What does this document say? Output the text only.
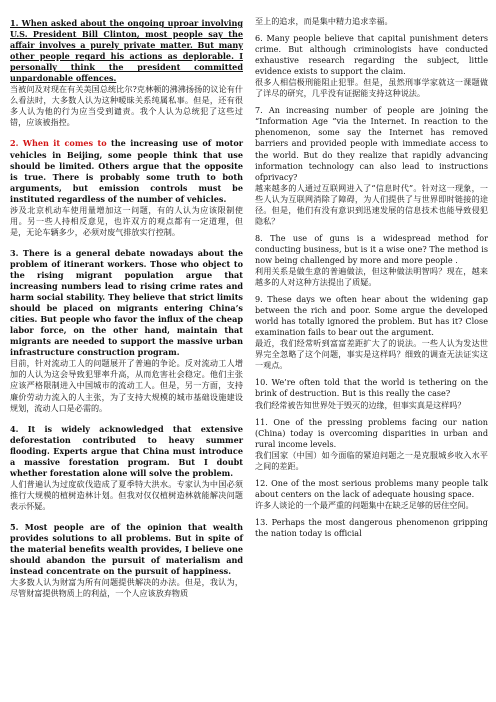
1. When asked about the ongoing uproar involving U.S. President Bill Clinton, most people say the affair involves a purely private matter. But many other people regard his actions as deplorable. I personally think the president committed unpardonable offences.
当被问及对现在有关美国总统比尔?克林顿的沸沸扬扬的议论有什么看法时，大多数人认为这种暧昧关系纯属私事。但是，还有很多人认为他的行为应当受到谴责。我个人认为总统犯了这些过错，应该被指控。
2. When it comes to the increasing use of motor vehicles in Beijing, some people think that use should be limited. Others argue that the opposite is true. There is probably some truth to both arguments, but emission controls must be instituted regardless of the number of vehicles.
涉及北京机动车使用量增加这一问题，有的人认为应该限制使用。另一些人持相反意见，也许双方的观点都有一定道理，但是，无论车辆多少，必须对废气排放实行控制。
3. There is a general debate nowadays about the problem of itinerant workers. Those who object to the rising migrant population argue that increasing numbers lead to rising crime rates and harm social stability. They believe that strict limits should be placed on migrants entering China’s cities. But people who favor the influx of the cheap labor force, on the other hand, maintain that migrants are needed to support the massive urban infrastructure construction program.
目前，针对流动工人的问题展开了普遍的争论。反对流动工人增加的人认为这会导致犯罪率升高，从而危害社会稳定。他们主张应该严格限制进入中国城市的流动工人。但是，另一方面，支持廉价劳动力流入的人主张，为了支持大规模的城市基础设施建设规划，流动人口是必需的。
4. It is widely acknowledged that extensive deforestation contributed to heavy summer flooding. Experts argue that China must introduce a massive forestation program. But I doubt whether forestation alone will solve the problem.
人们普遍认为过度砍伐造成了夏季特大洪水。专家认为中国必须推行大规模的植树造林计划。但我对仅仅植树造林就能解决问题表示怀疑。
5. Most people are of the opinion that wealth provides solutions to all problems. But in spite of the material benefits wealth provides, I believe one should abandon the pursuit of materialism and instead concentrate on the pursuit of happiness.
大多数人认为财富为所有问题提供解决的办法。但是，我认为，尽管财富提供物质上的利益，一个人应该放弃物质
至上的追求，而是集中精力追求幸福。
6. Many people believe that capital punishment deters crime. But although criminologists have conducted exhaustive research regarding the subject, little evidence exists to support the claim.
很多人相信极刑能阻止犯罪。但是，虽然刑事学家就这一课题做了详尽的研究，几乎没有证据能支持这种说法。
7. An increasing number of people are joining the “Information Age ”via the Internet. In reaction to the phenomenon, some say the Internet has removed barriers and provided people with immediate access to the world. But do they realize that rapidly advancing information technology can also lead to instructions ofprivacy?
越来越多的人通过互联网进入了“信息时代”。针对这一现象，一些人认为互联网消除了障碍，为人们提供了与世界即时链接的途径。但是，他们有没有意识到迅速发展的信息技术也能导致侵犯隐私？
8. The use of guns is a widespread method for conducting business, but is it a wise one? The method is now being challenged by more and more people .
利用关系是做生意的普遍做法，但这种做法明智吗？现在，越来越多的人对这种方法提出了质疑。
9. These days we often hear about the widening gap between the rich and poor. Some argue the developed world has totally ignored the problem. But has it? Close examination fails to bear out the argument.
最近，我们经常听到富富差距扩大了的说法。一些人认为发达世界完全忽略了这个问题，事实是这样吗？细致的调查无法证实这一观点。
10. We’re often told that the world is tethering on the brink of destruction. But is this really the case?
我们经常被告知世界处于毁灭的边缘，但事实真是这样吗？
11. One of the pressing problems facing our nation (China) today is overcoming disparities in urban and rural income levels.
我们国家（中国）如今面临的紧迫问题之一是克服城乡收入水平之间的差距。
12. One of the most serious problems many people talk about centers on the lack of adequate housing space.
许多人谈论的一个最严重的问题集中在缺乏足够的居住空间。
13. Perhaps the most dangerous phenomenon gripping the nation today is official
